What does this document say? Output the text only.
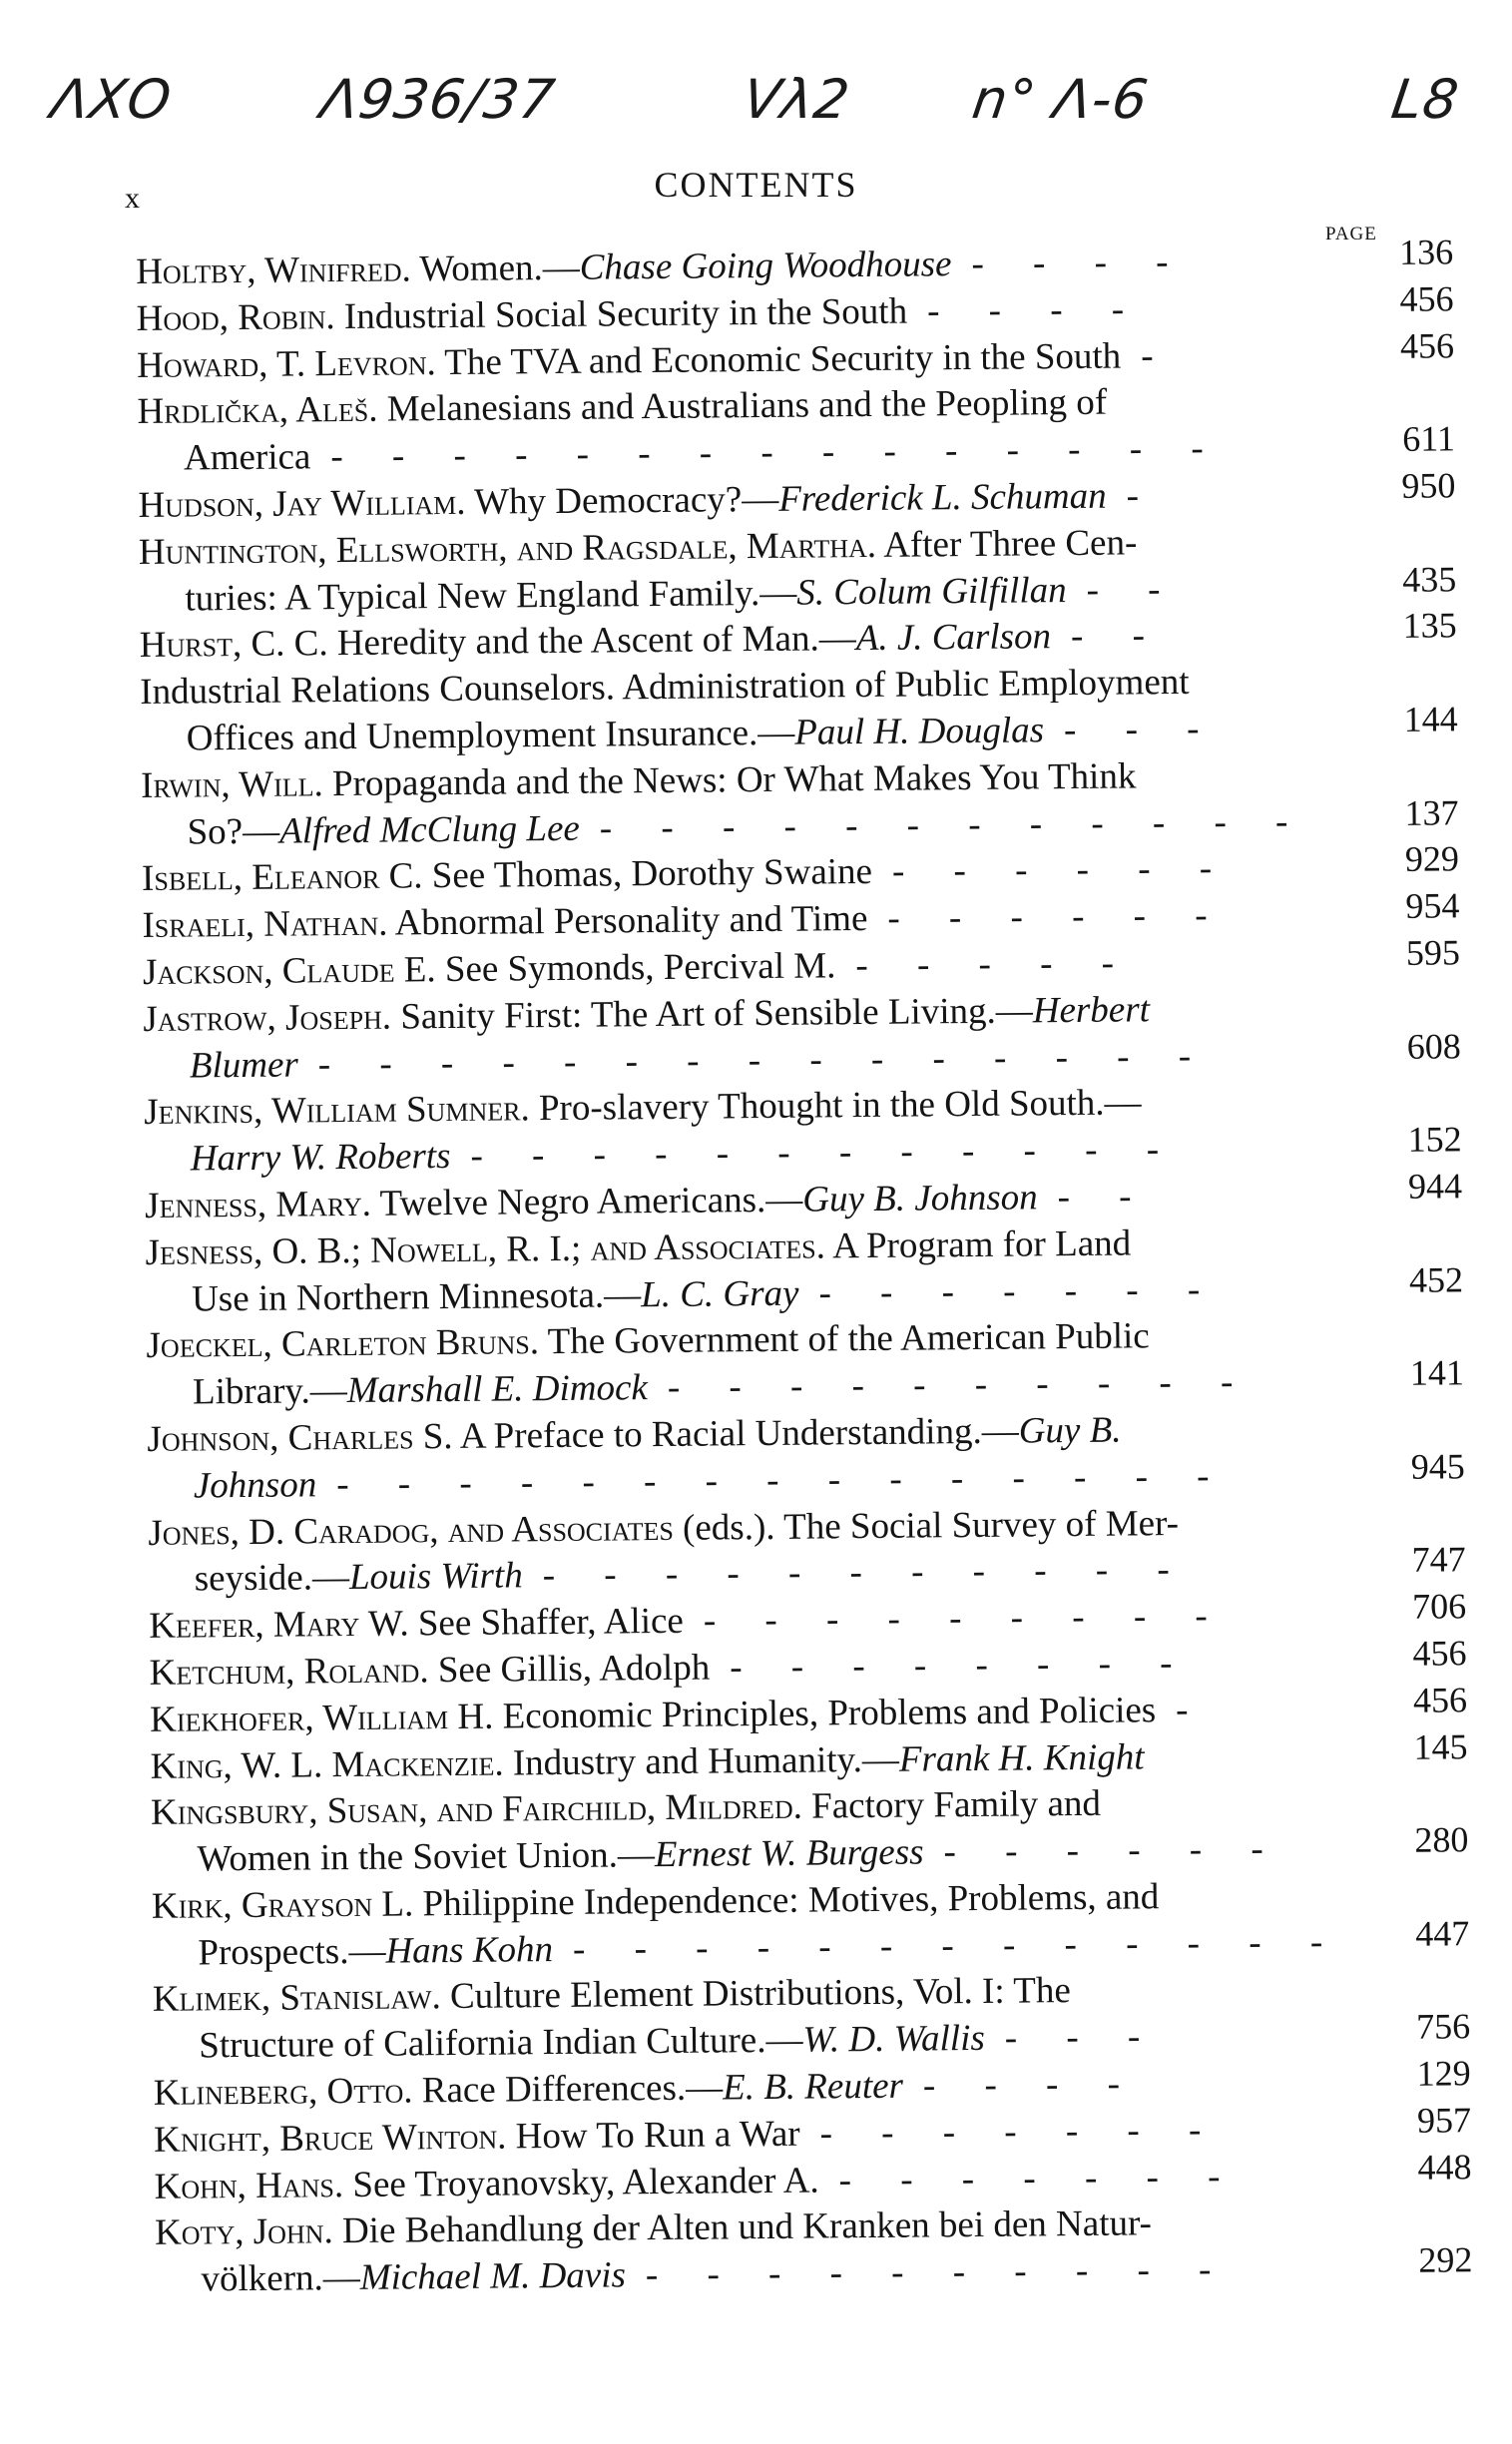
ΛХO	Λ936/37	Vλ2 n° Λ-6	L8
x	CONTENTS
PAGE
Holtby, Winifred. Women.—Chase Going Woodhouse - - - -	136
Hood, Robin. Industrial Social Security in the South - - - -	456
Howard, T. Levron. The TVA and Economic Security in the South -	456
Hrdlička, Aleš. Melanesians and Australians and the Peopling of
America - - - - - - - - - - - - - - -	611
Hudson, Jay William. Why Democracy?—Frederick L. Schuman -	950
Huntington, Ellsworth, and Ragsdale, Martha. After Three Cen-
turies: A Typical New England Family.—S. Colum Gilfillan - -	435
Hurst, C. C. Heredity and the Ascent of Man.—A. J. Carlson - -	135
Industrial Relations Counselors. Administration of Public Employment
Offices and Unemployment Insurance.—Paul H. Douglas - - -	144
Irwin, Will. Propaganda and the News: Or What Makes You Think
So?—Alfred McClung Lee - - - - - - - - - - - -	137
Isbell, Eleanor C. See Thomas, Dorothy Swaine - - - - - -	929
Israeli, Nathan. Abnormal Personality and Time - - - - - -	954
Jackson, Claude E. See Symonds, Percival M. - - - - -	595
Jastrow, Joseph. Sanity First: The Art of Sensible Living.—Herbert
Blumer - - - - - - - - - - - - - - -	608
Jenkins, William Sumner. Pro-slavery Thought in the Old South.—
Harry W. Roberts - - - - - - - - - - - -	152
Jenness, Mary. Twelve Negro Americans.—Guy B. Johnson - -	944
Jesness, O. B.; Nowell, R. I.; and Associates. A Program for Land
Use in Northern Minnesota.—L. C. Gray - - - - - - -	452
Joeckel, Carleton Bruns. The Government of the American Public
Library.—Marshall E. Dimock - - - - - - - - - -	141
Johnson, Charles S. A Preface to Racial Understanding.—Guy B.
Johnson - - - - - - - - - - - - - - -	945
Jones, D. Caradog, and Associates (eds.). The Social Survey of Mer-
seyside.—Louis Wirth - - - - - - - - - - -	747
Keefer, Mary W. See Shaffer, Alice - - - - - - - - -	706
Ketchum, Roland. See Gillis, Adolph - - - - - - - -	456
Kiekhofer, William H. Economic Principles, Problems and Policies -	456
King, W. L. Mackenzie. Industry and Humanity.—Frank H. Knight	145
Kingsbury, Susan, and Fairchild, Mildred. Factory Family and
Women in the Soviet Union.—Ernest W. Burgess - - - - - -	280
Kirk, Grayson L. Philippine Independence: Motives, Problems, and
Prospects.—Hans Kohn - - - - - - - - - - - - -	447
Klimek, Stanislaw. Culture Element Distributions, Vol. I: The
Structure of California Indian Culture.—W. D. Wallis - - -	756
Klineberg, Otto. Race Differences.—E. B. Reuter - - - -	129
Knight, Bruce Winton. How To Run a War - - - - - - -	957
Kohn, Hans. See Troyanovsky, Alexander A. - - - - - - -	448
Koty, John. Die Behandlung der Alten und Kranken bei den Natur-
völkern.—Michael M. Davis - - - - - - - - - -	292
